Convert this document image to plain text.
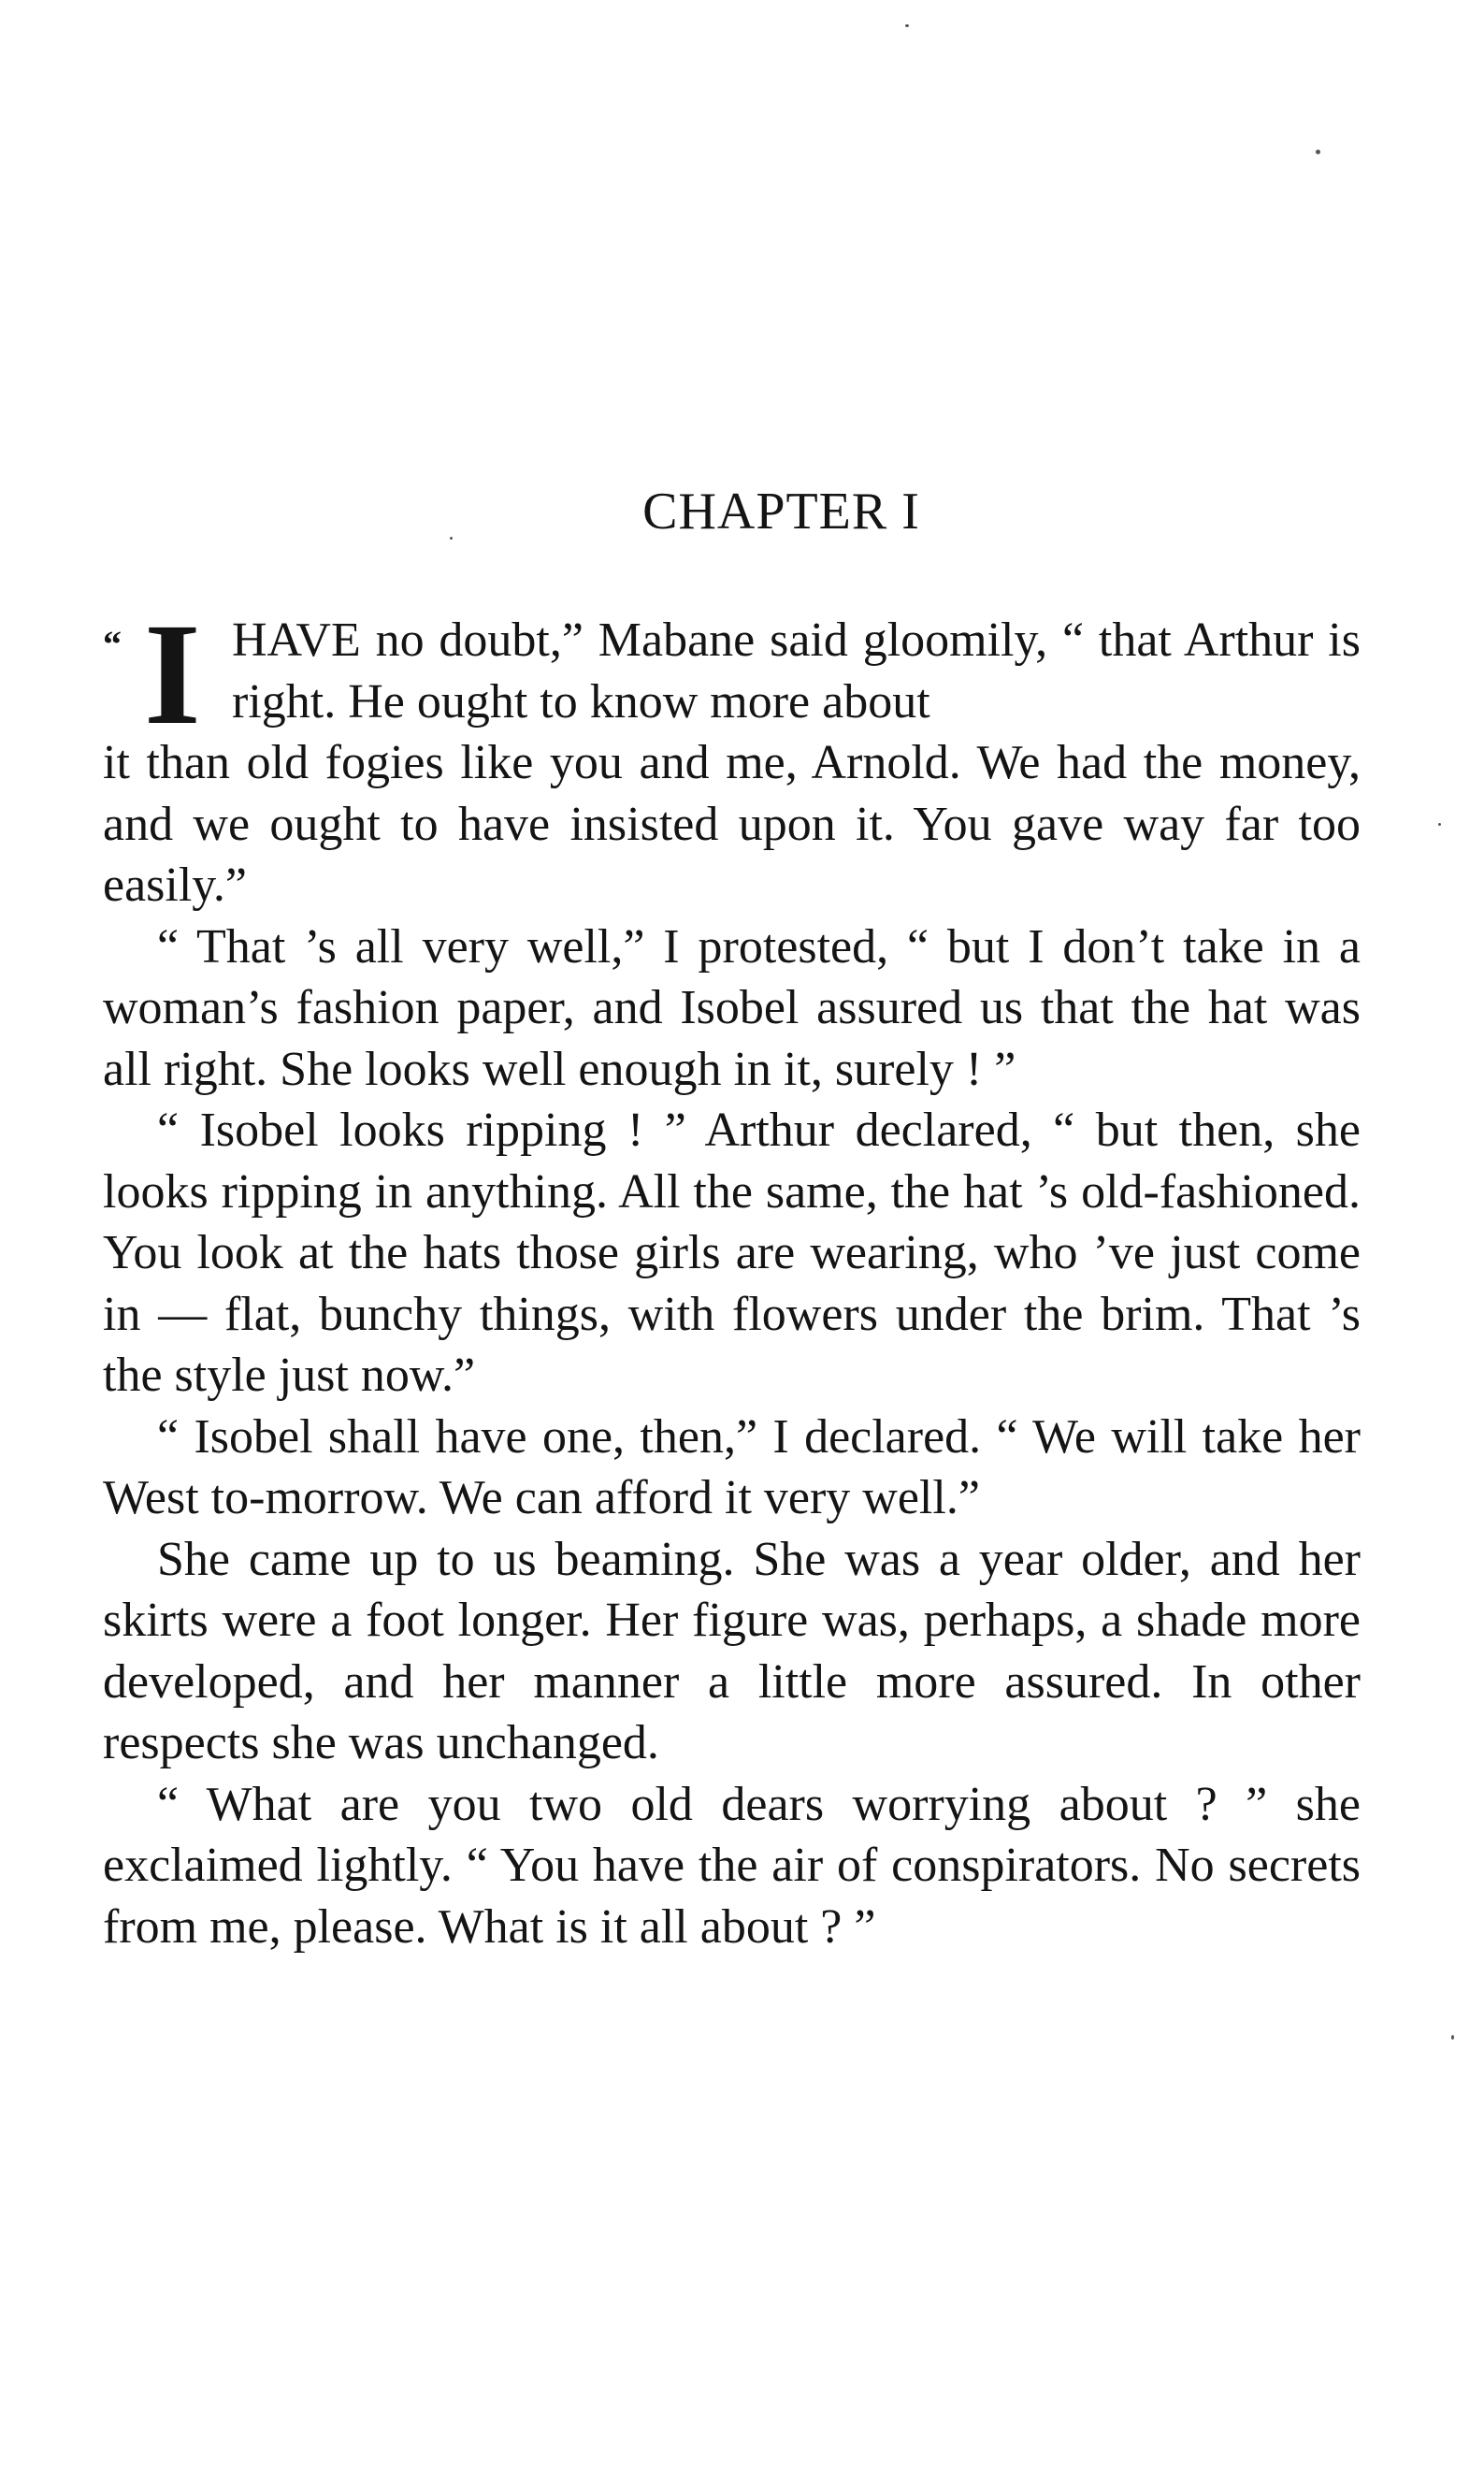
CHAPTER I
“ I HAVE no doubt,” Mabane said gloomily, “ that Arthur is right. He ought to know more about
it than old fogies like you and me, Arnold. We had the money, and we ought to have insisted upon it. You gave way far too easily.”

“ That ’s all very well,” I protested, “ but I don’t take in a woman’s fashion paper, and Isobel assured us that the hat was all right. She looks well enough in it, surely ! ”

“ Isobel looks ripping ! ” Arthur declared, “ but then, she looks ripping in anything. All the same, the hat ’s old-fashioned. You look at the hats those girls are wearing, who ’ve just come in — flat, bunchy things, with flowers under the brim. That ’s the style just now.”

“ Isobel shall have one, then,” I declared. “ We will take her West to-morrow. We can afford it very well.”

She came up to us beaming. She was a year older, and her skirts were a foot longer. Her figure was, perhaps, a shade more developed, and her manner a little more assured. In other respects she was unchanged.

“ What are you two old dears worrying about ? ” she exclaimed lightly. “ You have the air of conspirators. No secrets from me, please. What is it all about ? ”
